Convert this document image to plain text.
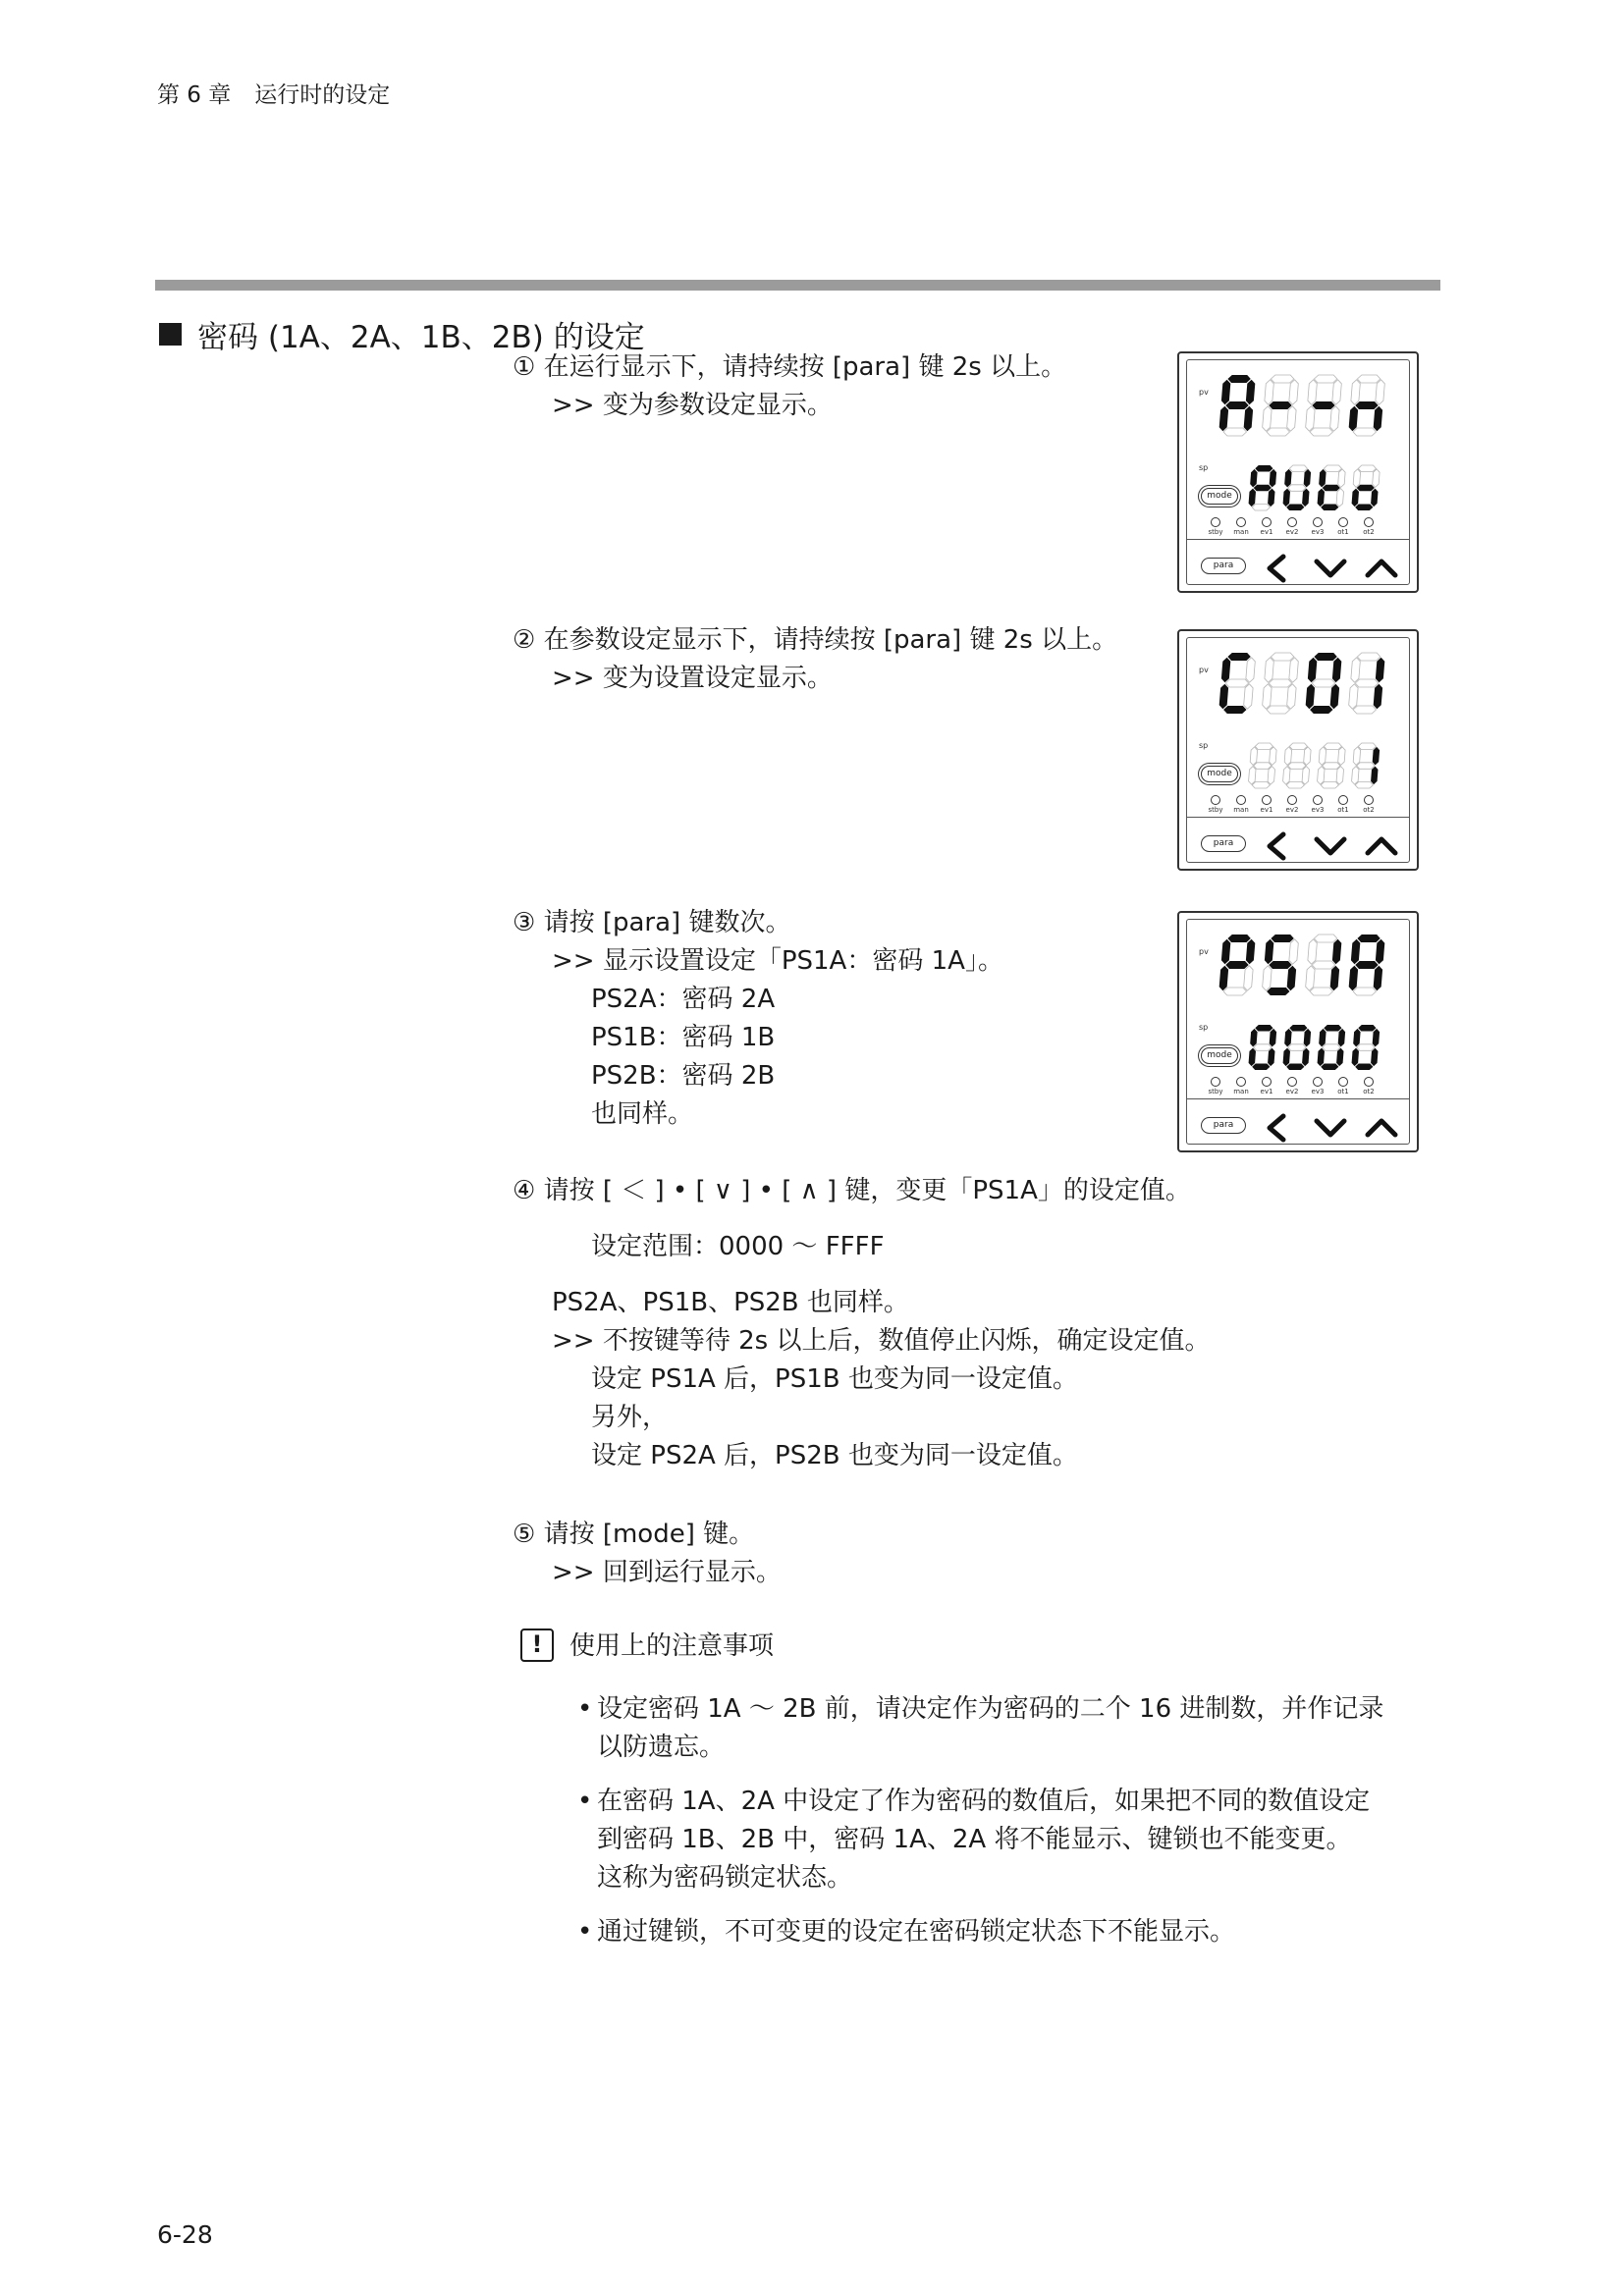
第 6 章 运行时的设定
密码 (1A、2A、1B、2B) 的设定
① 在运行显示下，请持续按 [para] 键 2s 以上。
>> 变为参数设定显示。
② 在参数设定显示下，请持续按 [para] 键 2s 以上。
>> 变为设置设定显示。
③ 请按 [para] 键数次。
>> 显示设置设定「PS1A：密码 1A」。
PS2A：密码 2A
PS1B：密码 1B
PS2B：密码 2B
也同样。
④ 请按 [ ＜ ] • [ ∨ ] • [ ∧ ] 键，变更「PS1A」的设定值。
设定范围：0000 ～ FFFF
PS2A、PS1B、PS2B 也同样。
>> 不按键等待 2s 以上后，数值停止闪烁，确定设定值。
设定 PS1A 后，PS1B 也变为同一设定值。
另外，
设定 PS2A 后，PS2B 也变为同一设定值。
⑤ 请按 [mode] 键。
>> 回到运行显示。
!	使用上的注意事项
• 设定密码 1A ～ 2B 前，请决定作为密码的二个 16 进制数，并作记录
以防遗忘。
• 在密码 1A、2A 中设定了作为密码的数值后，如果把不同的数值设定
到密码 1B、2B 中，密码 1A、2A 将不能显示、键锁也不能变更。
这称为密码锁定状态。
• 通过键锁，不可变更的设定在密码锁定状态下不能显示。
pv
sp
mode
stby man	ev1	ev2	ev3	ot1	ot2
para
pv
sp
mode
stby man	ev1	ev2	ev3	ot1	ot2
para
pv
sp
mode
stby man	ev1	ev2	ev3	ot1	ot2
para
6-28
